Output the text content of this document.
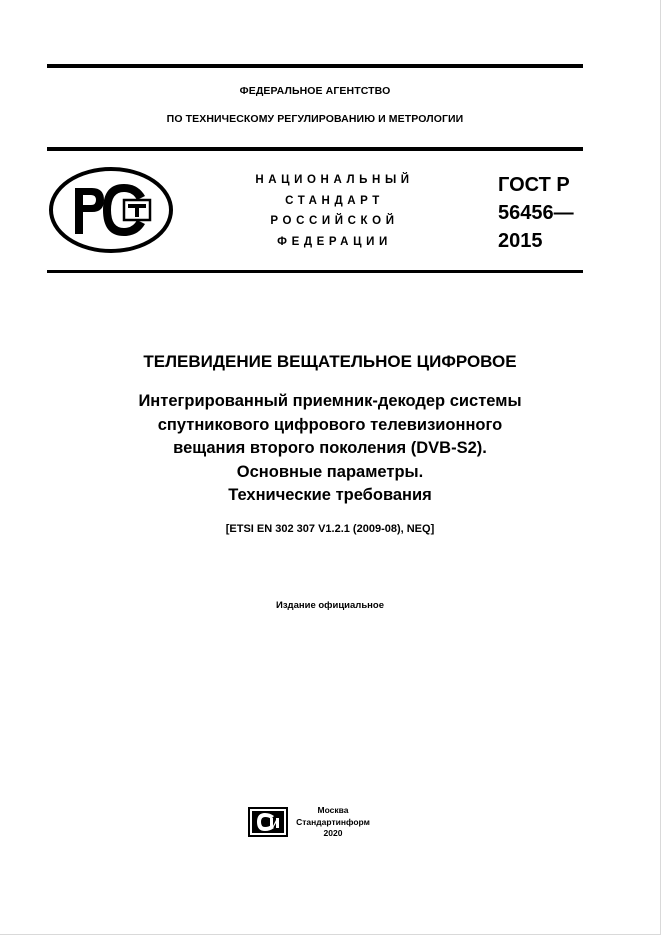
ФЕДЕРАЛЬНОЕ АГЕНТСТВО
ПО ТЕХНИЧЕСКОМУ РЕГУЛИРОВАНИЮ И МЕТРОЛОГИИ
НАЦИОНАЛЬНЫЙ
СТАНДАРТ
РОССИЙСКОЙ
ФЕДЕРАЦИИ
ГОСТ Р
56456—
2015
ТЕЛЕВИДЕНИЕ ВЕЩАТЕЛЬНОЕ ЦИФРОВОЕ
Интегрированный приемник-декодер системы
спутникового цифрового телевизионного
вещания второго поколения (DVB-S2).
Основные параметры.
Технические требования
[ETSI EN 302 307 V1.2.1 (2009-08), NEQ]
Издание официальное
Москва
Стандартинформ
2020
